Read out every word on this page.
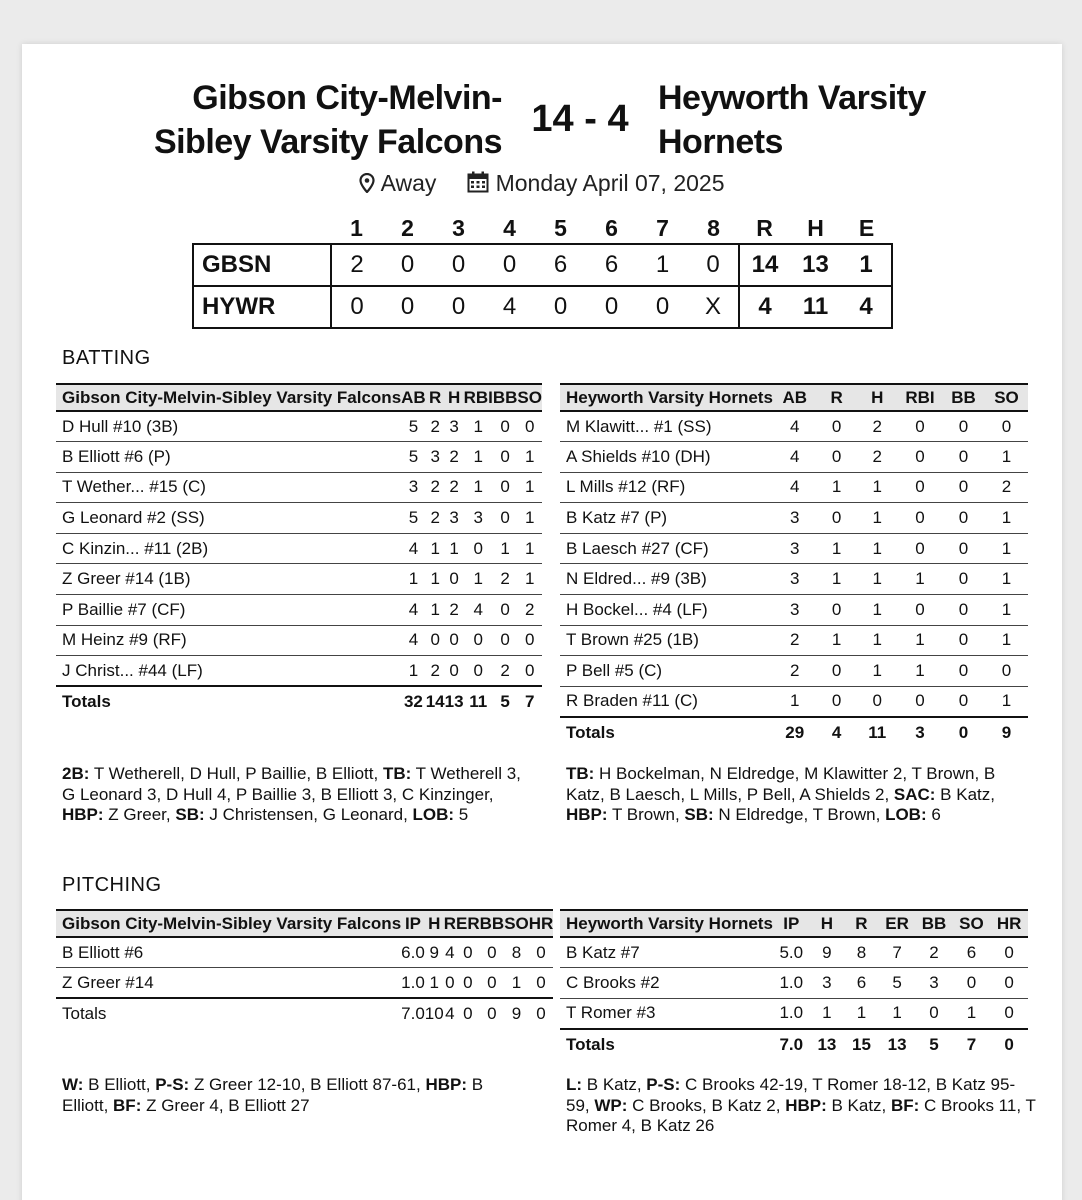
Gibson City-Melvin-Sibley Varsity Falcons
14 - 4 Heyworth Varsity Hornets
Away	Monday April 07, 2025
	1	2	3	4	5	6	7	8	R	H	E
GBSN	2	0	0	0	6	6	1	0	14	13	1
HYWR	0	0	0	4	0	0	0	X	4	11	4
BATTING
Gibson City-Melvin-Sibley Varsity Falcons	AB	R	H	RBI	BB	SO
D Hull #10 (3B)	5	2	3	1	0	0
B Elliott #6 (P)	5	3	2	1	0	1
T Wether... #15 (C)	3	2	2	1	0	1
G Leonard #2 (SS)	5	2	3	3	0	1
C Kinzin... #11 (2B)	4	1	1	0	1	1
Z Greer #14 (1B)	1	1	0	1	2	1
P Baillie #7 (CF)	4	1	2	4	0	2
M Heinz #9 (RF)	4	0	0	0	0	0
J Christ... #44 (LF)	1	2	0	0	2	0
Totals	32	14	13	11	5	7
Heyworth Varsity Hornets	AB	R	H	RBI	BB	SO
M Klawitt... #1 (SS)	4	0	2	0	0	0
A Shields #10 (DH)	4	0	2	0	0	1
L Mills #12 (RF)	4	1	1	0	0	2
B Katz #7 (P)	3	0	1	0	0	1
B Laesch #27 (CF)	3	1	1	0	0	1
N Eldred... #9 (3B)	3	1	1	1	0	1
H Bockel... #4 (LF)	3	0	1	0	0	1
T Brown #25 (1B)	2	1	1	1	0	1
P Bell #5 (C)	2	0	1	1	0	0
R Braden #11 (C)	1	0	0	0	0	1
Totals	29	4	11	3	0	9
2B: T Wetherell, D Hull, P Baillie, B Elliott, TB: T Wetherell 3, G Leonard 3, D Hull 4, P Baillie 3, B Elliott 3, C Kinzinger, HBP: Z Greer, SB: J Christensen, G Leonard, LOB: 5
TB: H Bockelman, N Eldredge, M Klawitter 2, T Brown, B Katz, B Laesch, L Mills, P Bell, A Shields 2, SAC: B Katz, HBP: T Brown, SB: N Eldredge, T Brown, LOB: 6
PITCHING
Gibson City-Melvin-Sibley Varsity Falcons	IP	H	R	ER	BB	SO	HR
B Elliott #6	6.0	9	4	0	0	8	0
Z Greer #14	1.0	1	0	0	0	1	0
Totals	7.0	10	4	0	0	9	0
Heyworth Varsity Hornets	IP	H	R	ER	BB	SO	HR
B Katz #7	5.0	9	8	7	2	6	0
C Brooks #2	1.0	3	6	5	3	0	0
T Romer #3	1.0	1	1	1	0	1	0
Totals	7.0	13	15	13	5	7	0
W: B Elliott, P-S: Z Greer 12-10, B Elliott 87-61, HBP: B Elliott, BF: Z Greer 4, B Elliott 27
L: B Katz, P-S: C Brooks 42-19, T Romer 18-12, B Katz 95-59, WP: C Brooks, B Katz 2, HBP: B Katz, BF: C Brooks 11, T Romer 4, B Katz 26
